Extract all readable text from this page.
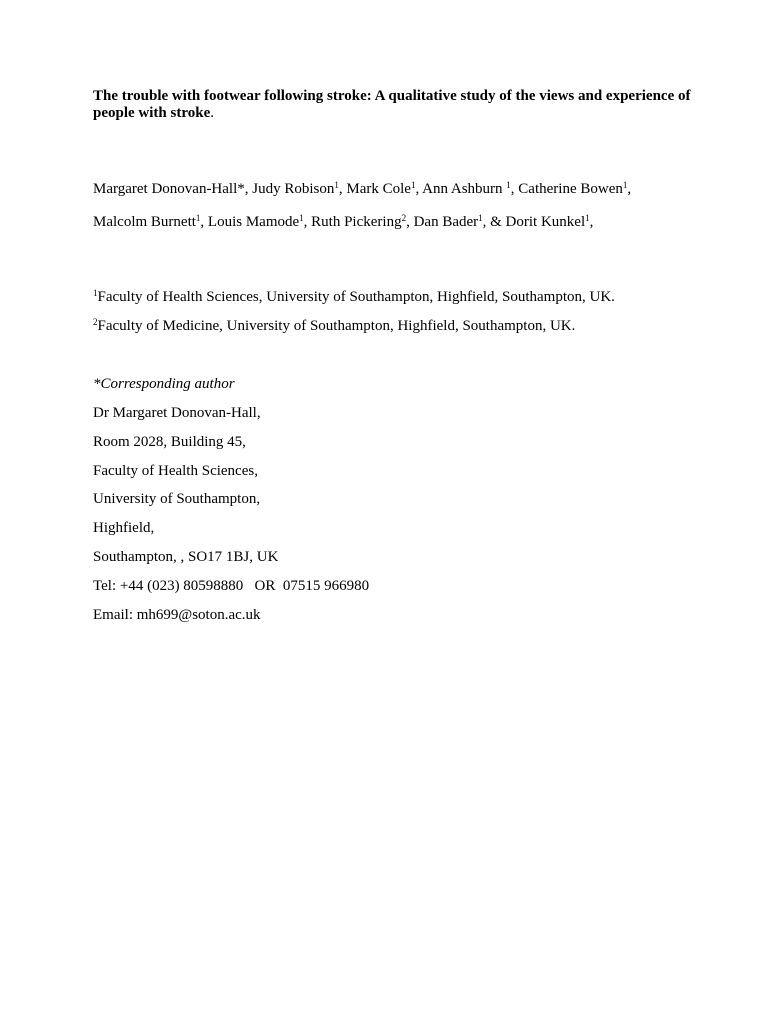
The trouble with footwear following stroke: A qualitative study of the views and experience of people with stroke.

Margaret Donovan-Hall*, Judy Robison$^1$, Mark Cole$^1$, Ann Ashburn $^1$, Catherine Bowen$^1$,

Malcolm Burnett$^1$, Louis Mamode$^1$, Ruth Pickering$^2$, Dan Bader$^1$, & Dorit Kunkel$^1$,

$^1$Faculty of Health Sciences, University of Southampton, Highfield, Southampton, UK.

$^2$Faculty of Medicine, University of Southampton, Highfield, Southampton, UK.

*Corresponding author

Dr Margaret Donovan-Hall,

Room 2028, Building 45,

Faculty of Health Sciences,

University of Southampton,

Highfield,

Southampton, , SO17 1BJ, UK

Tel: +44 (023) 80598880   OR  07515 966980

Email: mh699@soton.ac.uk
